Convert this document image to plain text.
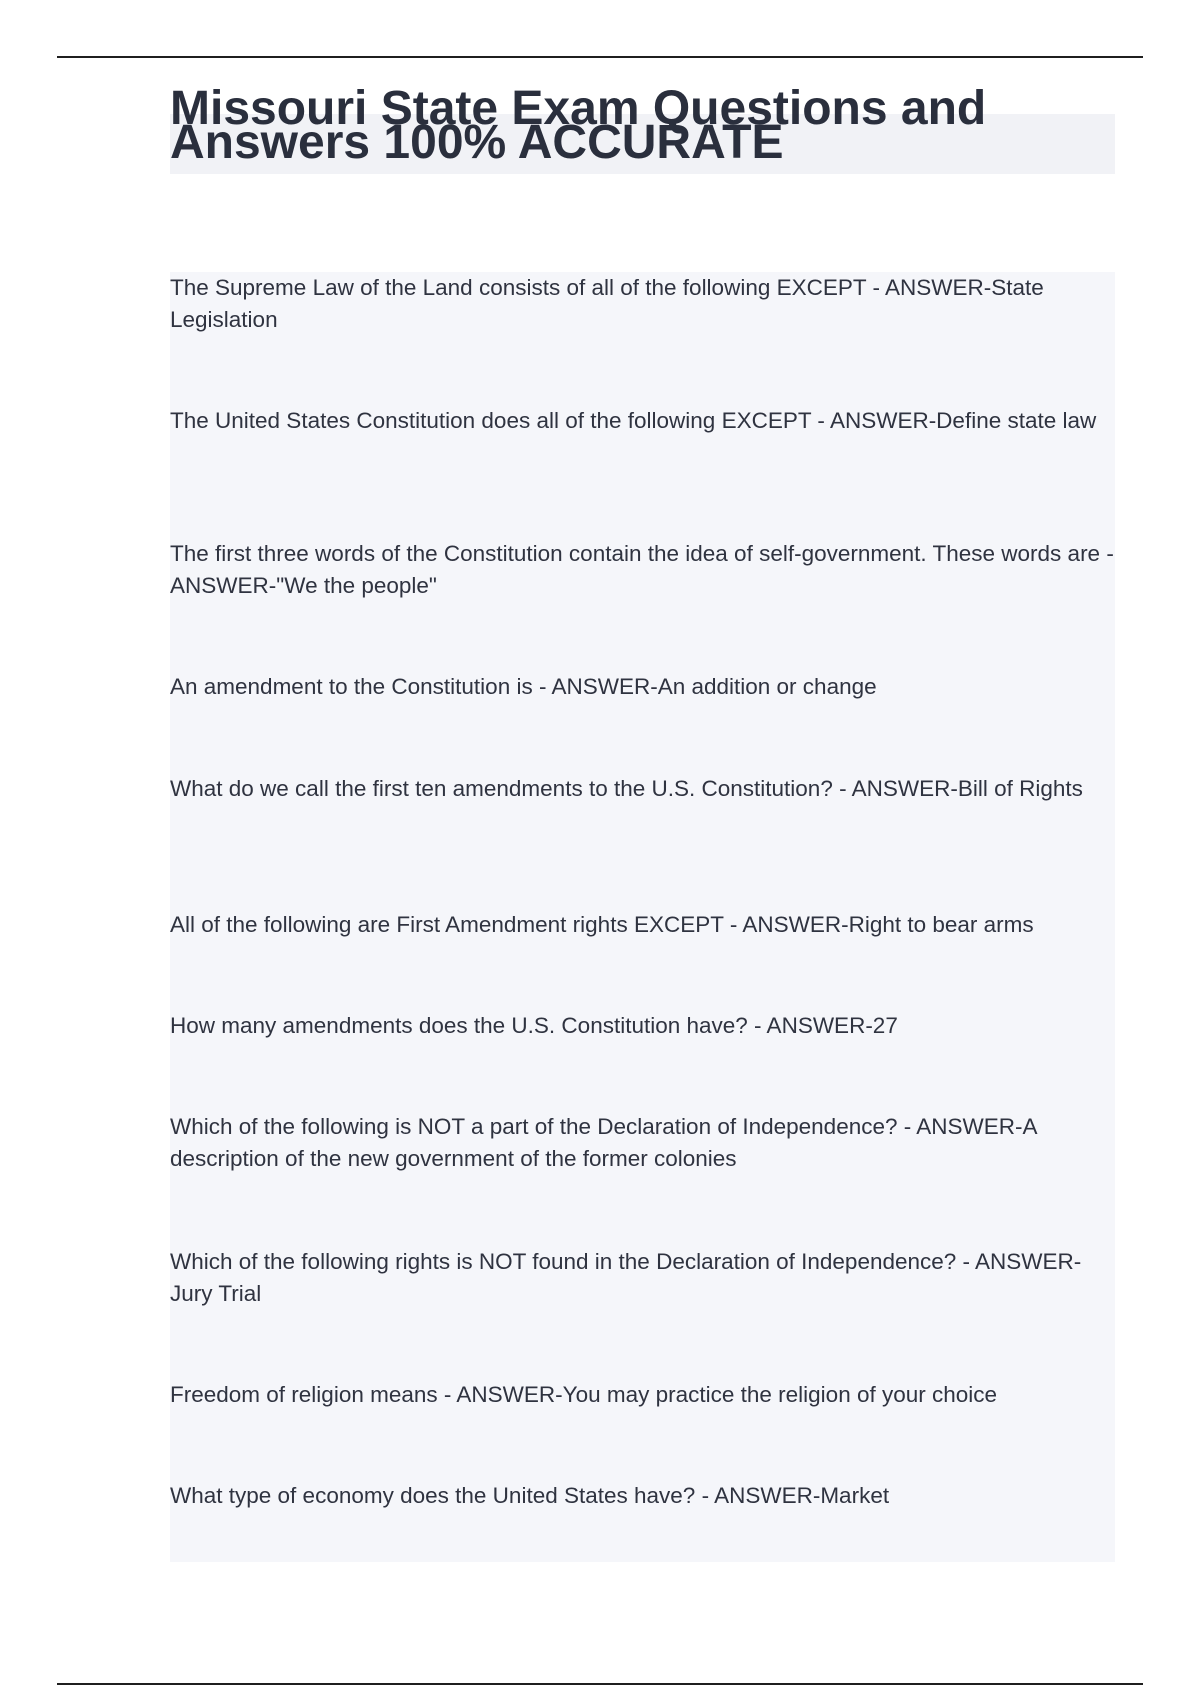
Missouri State Exam Questions and Answers 100% ACCURATE

The Supreme Law of the Land consists of all of the following EXCEPT - ANSWER-State Legislation

The United States Constitution does all of the following EXCEPT - ANSWER-Define state law

The first three words of the Constitution contain the idea of self-government. These words are - ANSWER-"We the people"

An amendment to the Constitution is - ANSWER-An addition or change

What do we call the first ten amendments to the U.S. Constitution? - ANSWER-Bill of Rights

All of the following are First Amendment rights EXCEPT - ANSWER-Right to bear arms

How many amendments does the U.S. Constitution have? - ANSWER-27

Which of the following is NOT a part of the Declaration of Independence? - ANSWER-A description of the new government of the former colonies

Which of the following rights is NOT found in the Declaration of Independence? - ANSWER-Jury Trial

Freedom of religion means - ANSWER-You may practice the religion of your choice

What type of economy does the United States have? - ANSWER-Market
